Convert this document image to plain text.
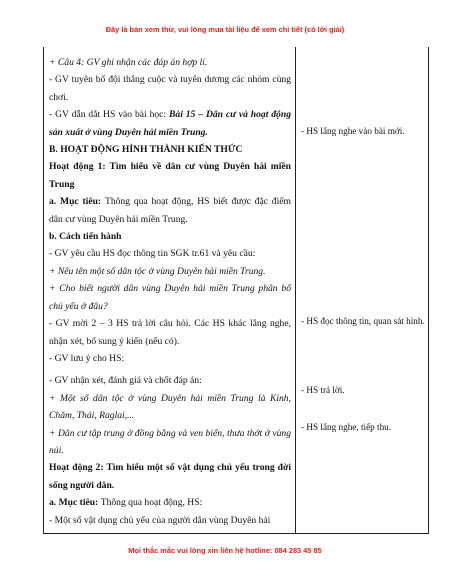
Đây là bản xem thử, vui lòng mua tài liệu để xem chi tiết (có lời giải)

+ Câu 4: GV ghi nhận các đáp án hợp lí.

- GV tuyên bố đội thắng cuộc và tuyên dương các nhóm cùng chơi.

- GV dẫn dắt HS vào bài học: Bài 15 – Dân cư và hoạt động sản xuất ở vùng Duyên hải miền Trung.

B. HOẠT ĐỘNG HÌNH THÀNH KIẾN THỨC

Hoạt động 1: Tìm hiểu về dân cư vùng Duyên hải miền Trung

a. Mục tiêu: Thông qua hoạt động, HS biết được đặc điểm dân cư vùng Duyên hải miền Trung.

b. Cách tiến hành

- GV yêu cầu HS đọc thông tin SGK tr.61 và yêu cầu:

+ Nêu tên một số dân tộc ở vùng Duyên hải miền Trung.

+ Cho biết người dân vùng Duyên hải miền Trung phân bố chủ yếu ở đâu?

- GV mời 2 – 3 HS trả lời câu hỏi. Các HS khác lắng nghe, nhận xét, bổ sung ý kiến (nếu có).

- GV lưu ý cho HS:

- GV nhận xét, đánh giá và chốt đáp án:

+ Một số dân tộc ở vùng Duyên hải miền Trung là Kinh, Chăm, Thái, Raglai,...

+ Dân cư tập trung ở đồng bằng và ven biển, thưa thớt ở vùng núi.

Hoạt động 2: Tìm hiểu một số vật dụng chủ yếu trong đời sống người dân.

a. Mục tiêu: Thông qua hoạt động, HS:

- Một số vật dụng chủ yếu của người dân vùng Duyên hải

- HS lắng nghe vào bài mới.
- HS đọc thông tin, quan sát hình.
- HS trả lời.
- HS lắng nghe, tiếp thu.
Mọi thắc mắc vui lòng xin liên hệ hotline: 084 283 45 85
